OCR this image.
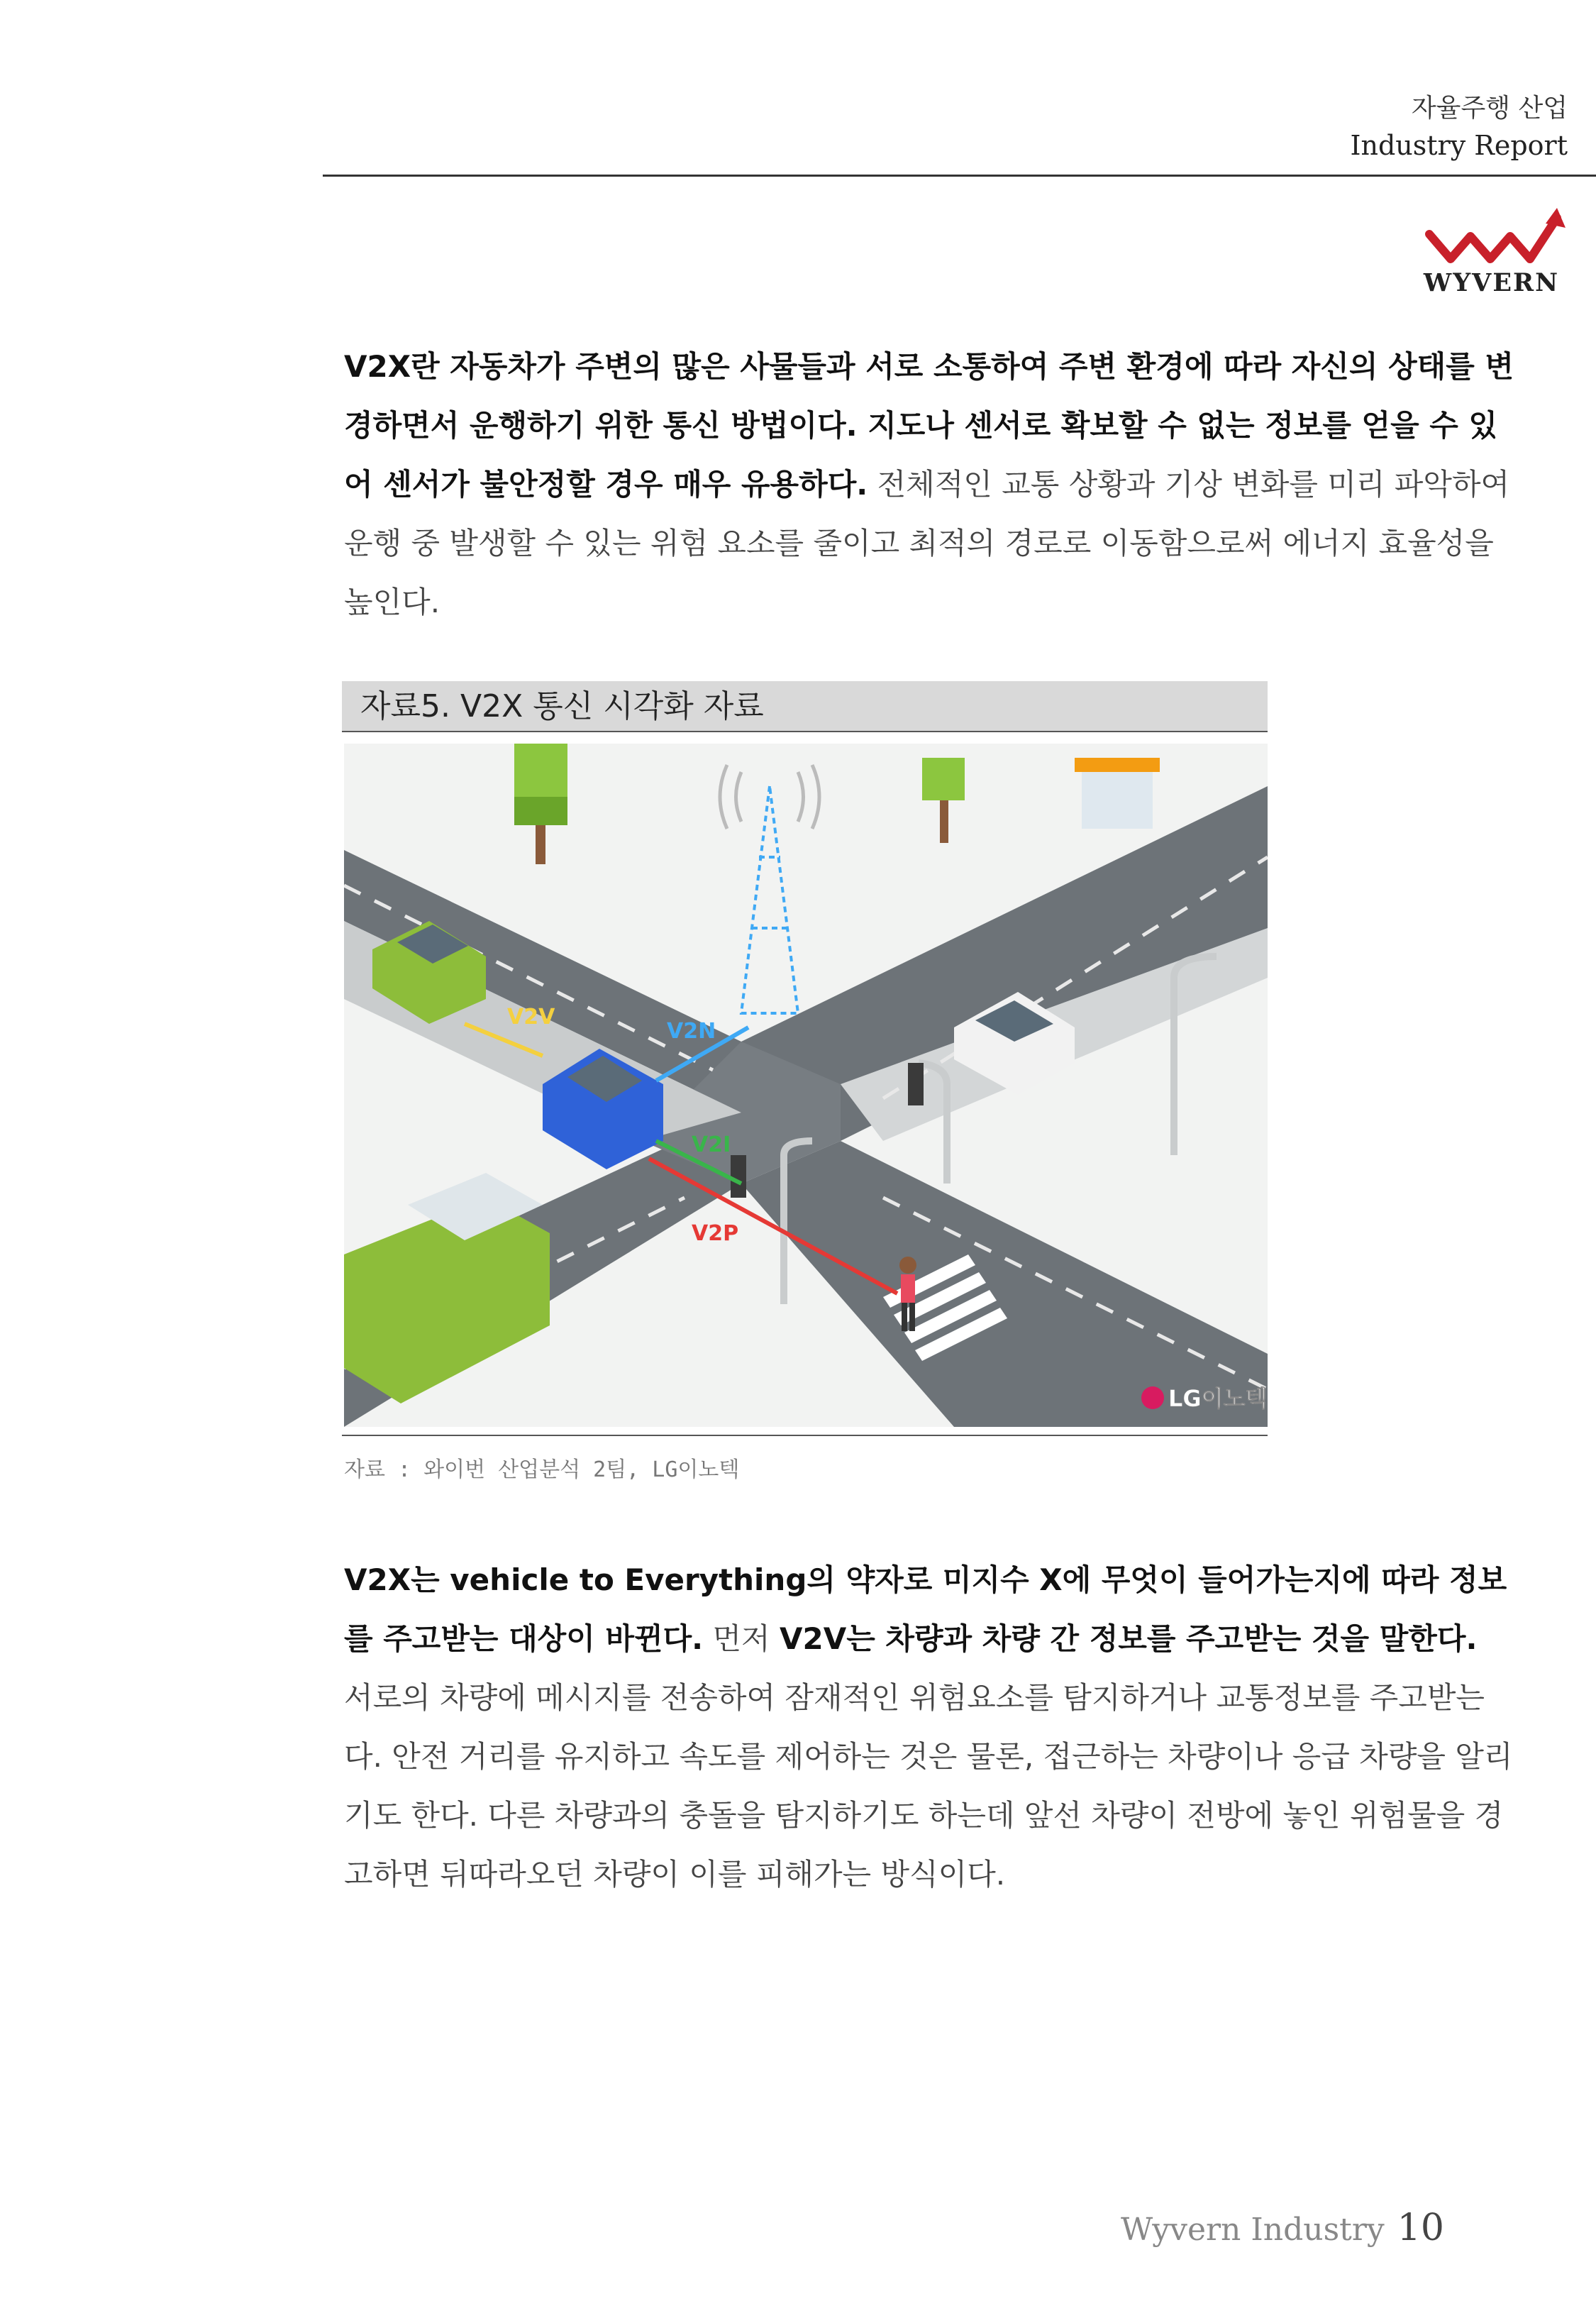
자율주행 산업
Industry Report
WYVERN

V2X란 자동차가 주변의 많은 사물들과 서로 소통하여 주변 환경에 따라 자신의 상태를 변경하면서 운행하기 위한 통신 방법이다. 지도나 센서로 확보할 수 없는 정보를 얻을 수 있어 센서가 불안정할 경우 매우 유용하다. 전체적인 교통 상황과 기상 변화를 미리 파악하여 운행 중 발생할 수 있는 위험 요소를 줄이고 최적의 경로로 이동함으로써 에너지 효율성을 높인다.

자료5. V2X 통신 시각화 자료
V2V
V2N
V2I
V2P
LG이노텍
자료 : 와이번 산업분석 2팀, LG이노텍

V2X는 vehicle to Everything의 약자로 미지수 X에 무엇이 들어가는지에 따라 정보를 주고받는 대상이 바뀐다. 먼저 V2V는 차량과 차량 간 정보를 주고받는 것을 말한다. 서로의 차량에 메시지를 전송하여 잠재적인 위험요소를 탐지하거나 교통정보를 주고받는다. 안전 거리를 유지하고 속도를 제어하는 것은 물론, 접근하는 차량이나 응급 차량을 알리기도 한다. 다른 차량과의 충돌을 탐지하기도 하는데 앞선 차량이 전방에 놓인 위험물을 경고하면 뒤따라오던 차량이 이를 피해가는 방식이다.

Wyvern Industry 10
